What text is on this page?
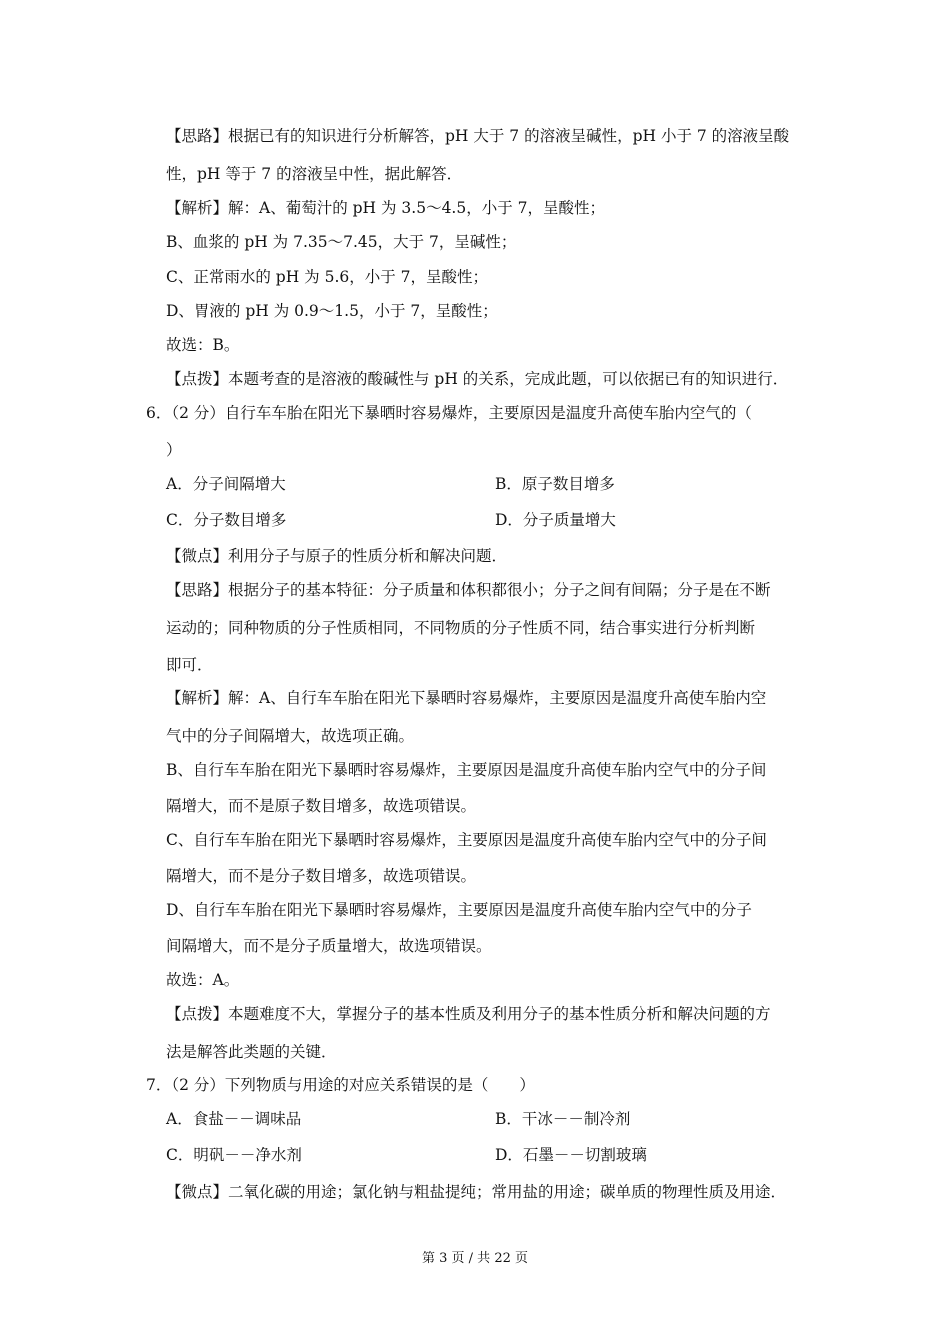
【思路】根据已有的知识进行分析解答，pH 大于 7 的溶液呈碱性，pH 小于 7 的溶液呈酸
性，pH 等于 7 的溶液呈中性，据此解答．
【解析】解：A、葡萄汁的 pH 为 3.5～4.5，小于 7，呈酸性；
B、血浆的 pH 为 7.35～7.45，大于 7，呈碱性；
C、正常雨水的 pH 为 5.6，小于 7，呈酸性；
D、胃液的 pH 为 0.9～1.5，小于 7，呈酸性；
故选：B。
【点拨】本题考查的是溶液的酸碱性与 pH 的关系，完成此题，可以依据已有的知识进行．
6．（2 分）自行车车胎在阳光下暴晒时容易爆炸，主要原因是温度升高使车胎内空气的（
）
A．分子间隔增大	B．原子数目增多
C．分子数目增多	D．分子质量增大
【微点】利用分子与原子的性质分析和解决问题．
【思路】根据分子的基本特征：分子质量和体积都很小；分子之间有间隔；分子是在不断
运动的；同种物质的分子性质相同，不同物质的分子性质不同，结合事实进行分析判断
即可．
【解析】解：A、自行车车胎在阳光下暴晒时容易爆炸，主要原因是温度升高使车胎内空
气中的分子间隔增大，故选项正确。
B、自行车车胎在阳光下暴晒时容易爆炸，主要原因是温度升高使车胎内空气中的分子间
隔增大，而不是原子数目增多，故选项错误。
C、自行车车胎在阳光下暴晒时容易爆炸，主要原因是温度升高使车胎内空气中的分子间
隔增大，而不是分子数目增多，故选项错误。
D、自行车车胎在阳光下暴晒时容易爆炸，主要原因是温度升高使车胎内空气中的分子
间隔增大，而不是分子质量增大，故选项错误。
故选：A。
【点拨】本题难度不大，掌握分子的基本性质及利用分子的基本性质分析和解决问题的方
法是解答此类题的关键．
7．（2 分）下列物质与用途的对应关系错误的是（　　）
A．食盐－－调味品	B．干冰－－制冷剂
C．明矾－－净水剂	D．石墨－－切割玻璃
【微点】二氧化碳的用途；氯化钠与粗盐提纯；常用盐的用途；碳单质的物理性质及用途．
第 3 页 / 共 22 页
